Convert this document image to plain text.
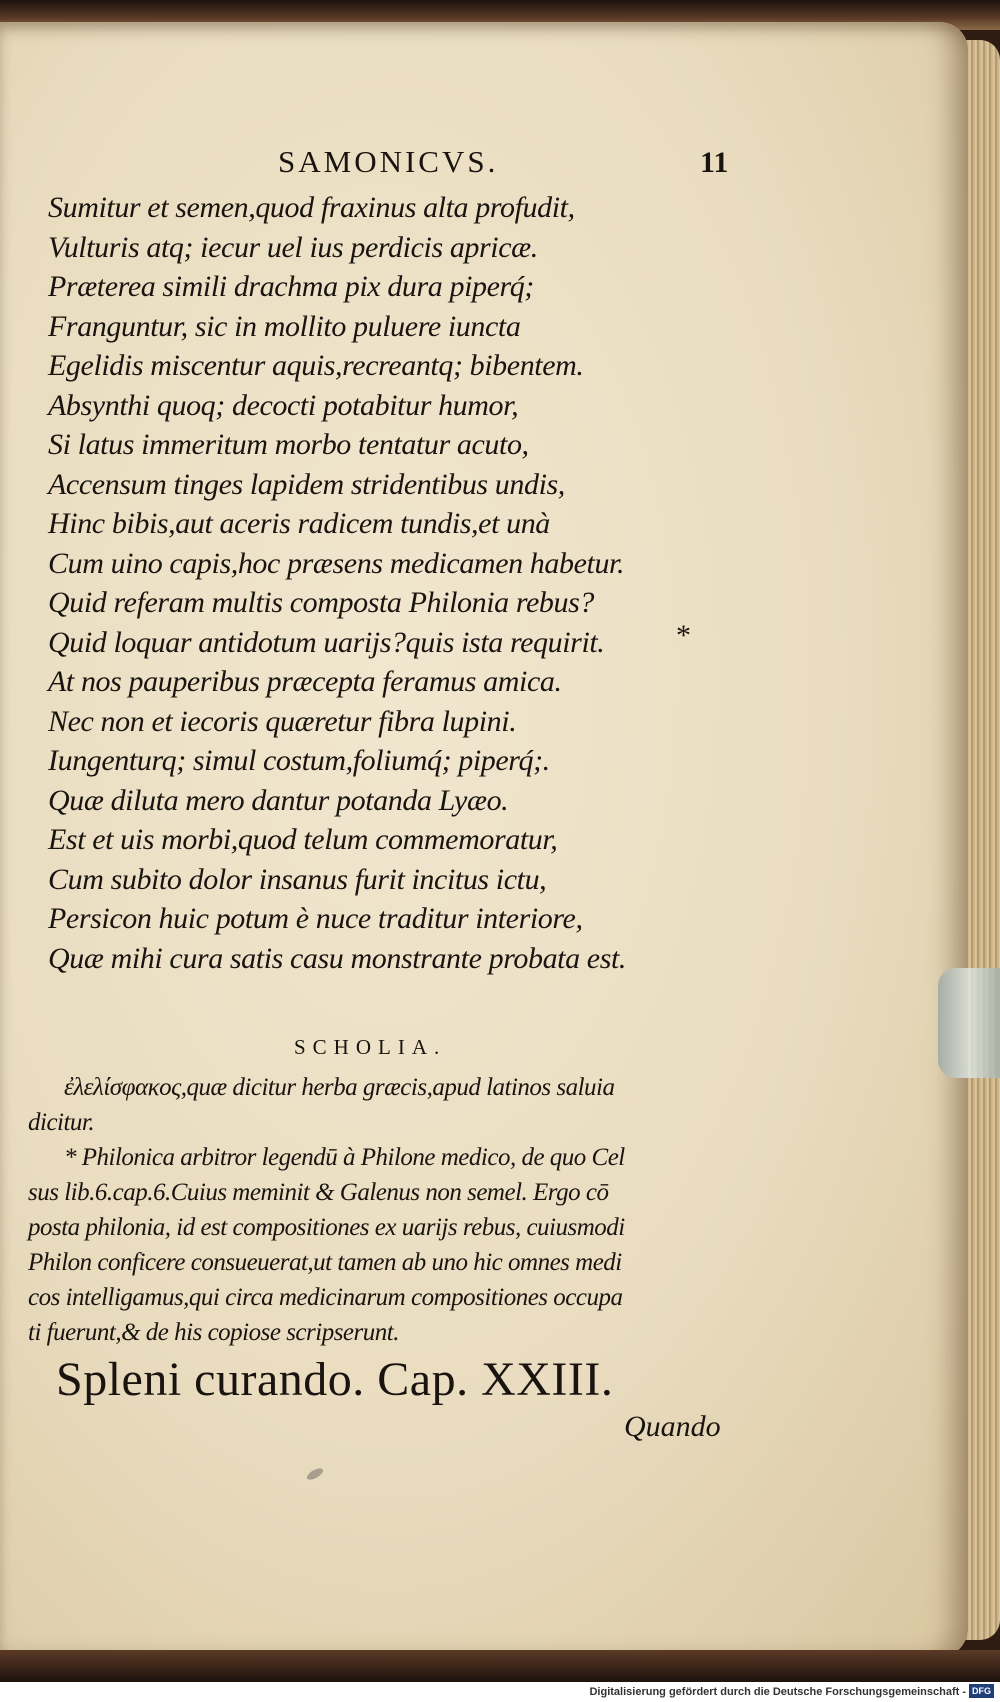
SAMONICVS.	11
Sumitur et semen,quod fraxinus alta profudit,
Vulturis atq; iecur uel ius perdicis apricæ.
Præterea simili drachma pix dura piperq́;
Franguntur, sic in mollito puluere iuncta
Egelidis miscentur aquis,recreantq; bibentem.
Absynthi quoq; decocti potabitur humor,
Si latus immeritum morbo tentatur acuto,
Accensum tinges lapidem stridentibus undis,
Hinc bibis,aut aceris radicem tundis,et unà
Cum uino capis,hoc præsens medicamen habetur.
Quid referam multis composta Philonia rebus?
Quid loquar antidotum uarijs?quis ista requirit.
At nos pauperibus præcepta feramus amica.
Nec non et iecoris quæretur fibra lupini.
Iungenturq; simul costum,foliumq́; piperq́;.
Quæ diluta mero dantur potanda Lyæo.
Est et uis morbi,quod telum commemoratur,
Cum subito dolor insanus furit incitus ictu,
Persicon huic potum è nuce traditur interiore,
Quæ mihi cura satis casu monstrante probata est.
*
SCHOLIA.
ἐλελίσφακος,quæ dicitur herba græcis,apud latinos saluia
dicitur.
* Philonica arbitror legendū à Philone medico, de quo Cel
sus lib.6.cap.6.Cuius meminit & Galenus non semel. Ergo cō
posta philonia, id est compositiones ex uarijs rebus, cuiusmodi
Philon conficere consueuerat,ut tamen ab uno hic omnes medi
cos intelligamus,qui circa medicinarum compositiones occupa
ti fuerunt,& de his copiose scripserunt.
Spleni curando. Cap. XXIII.
Quando
Digitalisierung gefördert durch die Deutsche Forschungsgemeinschaft - DFG
